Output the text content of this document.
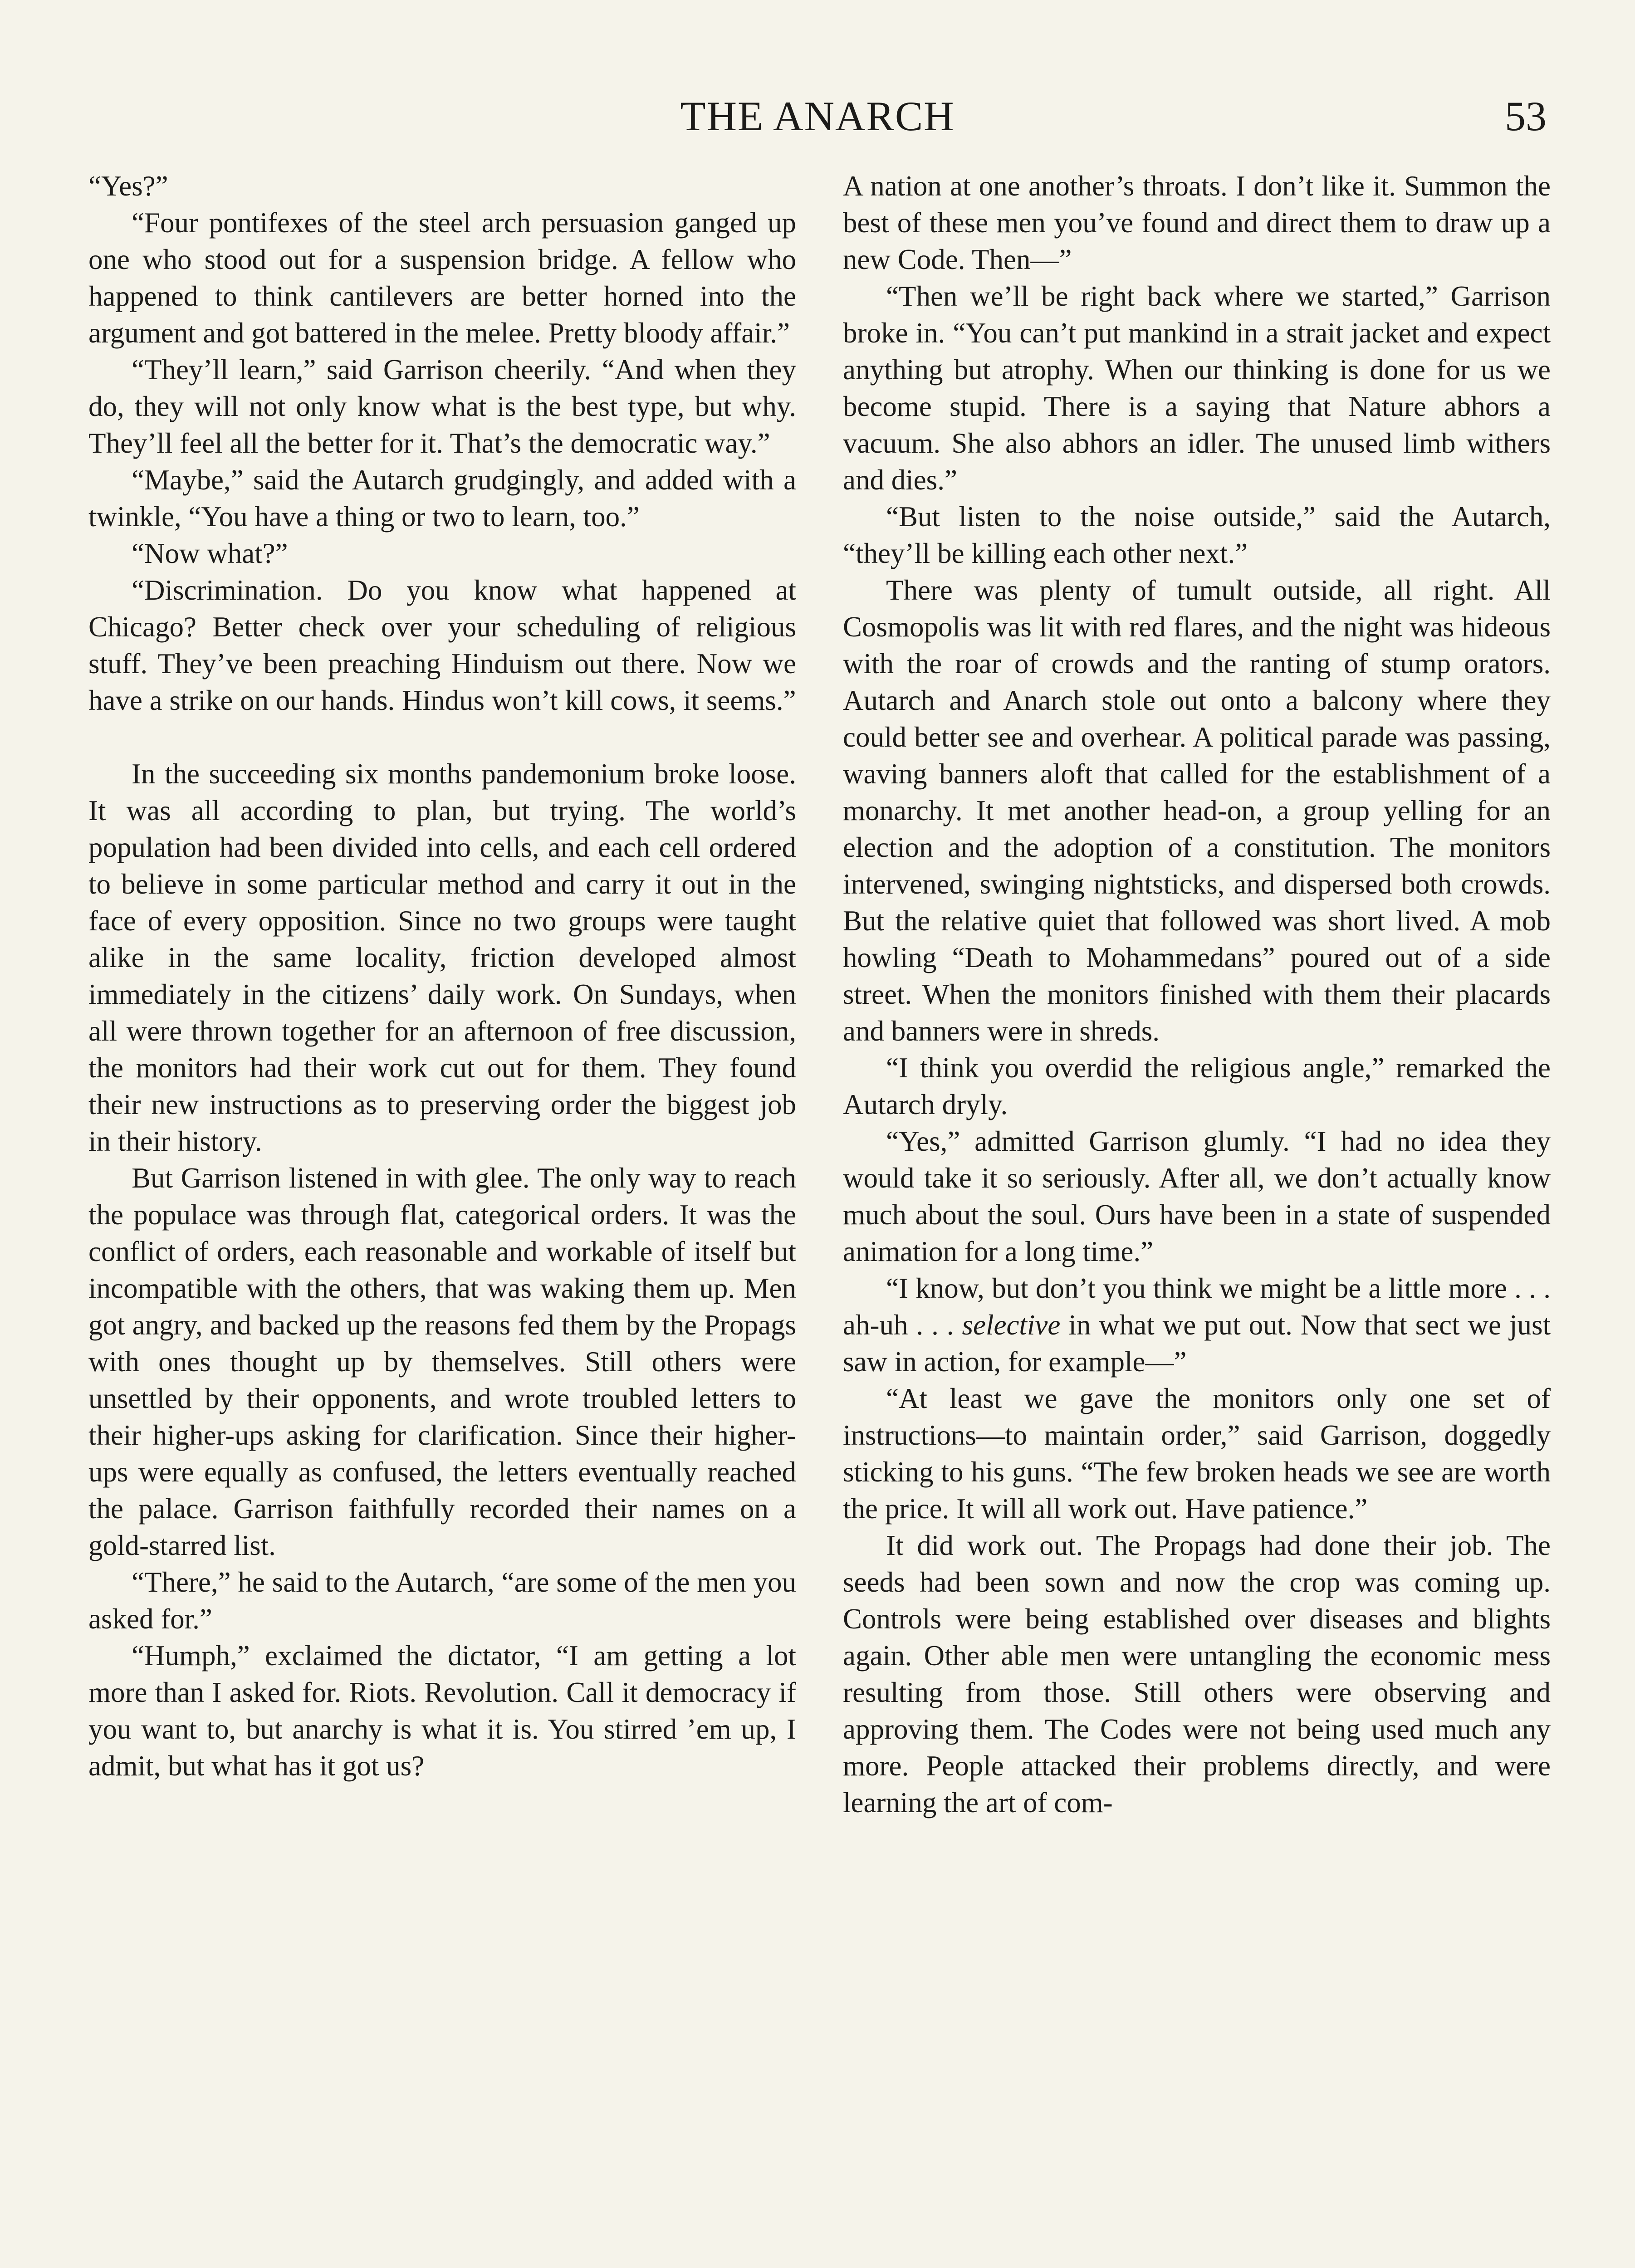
THE ANARCH	53

“Yes?”

“Four pontifexes of the steel arch persuasion ganged up one who stood out for a suspension bridge. A fellow who happened to think cantilevers are better horned into the argument and got battered in the melee. Pretty bloody affair.”

“They’ll learn,” said Garrison cheerily. “And when they do, they will not only know what is the best type, but why. They’ll feel all the better for it. That’s the democratic way.”

“Maybe,” said the Autarch grudgingly, and added with a twinkle, “You have a thing or two to learn, too.”

“Now what?”

“Discrimination. Do you know what happened at Chicago? Better check over your scheduling of religious stuff. They’ve been preaching Hinduism out there. Now we have a strike on our hands. Hindus won’t kill cows, it seems.”

In the succeeding six months pandemonium broke loose. It was all according to plan, but trying. The world’s population had been divided into cells, and each cell ordered to believe in some particular method and carry it out in the face of every opposition. Since no two groups were taught alike in the same locality, friction developed almost immediately in the citizens’ daily work. On Sundays, when all were thrown together for an afternoon of free discussion, the monitors had their work cut out for them. They found their new instructions as to preserving order the biggest job in their history.

But Garrison listened in with glee. The only way to reach the populace was through flat, categorical orders. It was the conflict of orders, each reasonable and workable of itself but incompatible with the others, that was waking them up. Men got angry, and backed up the reasons fed them by the Propags with ones thought up by themselves. Still others were unsettled by their opponents, and wrote troubled letters to their higher-ups asking for clarification. Since their higher-ups were equally as confused, the letters eventually reached the palace. Garrison faithfully recorded their names on a gold-starred list.

“There,” he said to the Autarch, “are some of the men you asked for.”

“Humph,” exclaimed the dictator, “I am getting a lot more than I asked for. Riots. Revolution. Call it democracy if you want to, but anarchy is what it is. You stirred ’em up, I admit, but what has it got us?

A nation at one another’s throats. I don’t like it. Summon the best of these men you’ve found and direct them to draw up a new Code. Then—”

“Then we’ll be right back where we started,” Garrison broke in. “You can’t put mankind in a strait jacket and expect anything but atrophy. When our thinking is done for us we become stupid. There is a saying that Nature abhors a vacuum. She also abhors an idler. The unused limb withers and dies.”

“But listen to the noise outside,” said the Autarch, “they’ll be killing each other next.”

There was plenty of tumult outside, all right. All Cosmopolis was lit with red flares, and the night was hideous with the roar of crowds and the ranting of stump orators. Autarch and Anarch stole out onto a balcony where they could better see and overhear. A political parade was passing, waving banners aloft that called for the establishment of a monarchy. It met another head-on, a group yelling for an election and the adoption of a constitution. The monitors intervened, swinging nightsticks, and dispersed both crowds. But the relative quiet that followed was short lived. A mob howling “Death to Mohammedans” poured out of a side street. When the monitors finished with them their placards and banners were in shreds.

“I think you overdid the religious angle,” remarked the Autarch dryly.

“Yes,” admitted Garrison glumly. “I had no idea they would take it so seriously. After all, we don’t actually know much about the soul. Ours have been in a state of suspended animation for a long time.”

“I know, but don’t you think we might be a little more . . . ah-uh . . . selective in what we put out. Now that sect we just saw in action, for example—”

“At least we gave the monitors only one set of instructions—to maintain order,” said Garrison, doggedly sticking to his guns. “The few broken heads we see are worth the price. It will all work out. Have patience.”

It did work out. The Propags had done their job. The seeds had been sown and now the crop was coming up. Controls were being established over diseases and blights again. Other able men were untangling the economic mess resulting from those. Still others were observing and approving them. The Codes were not being used much any more. People attacked their problems directly, and were learning the art of com-
